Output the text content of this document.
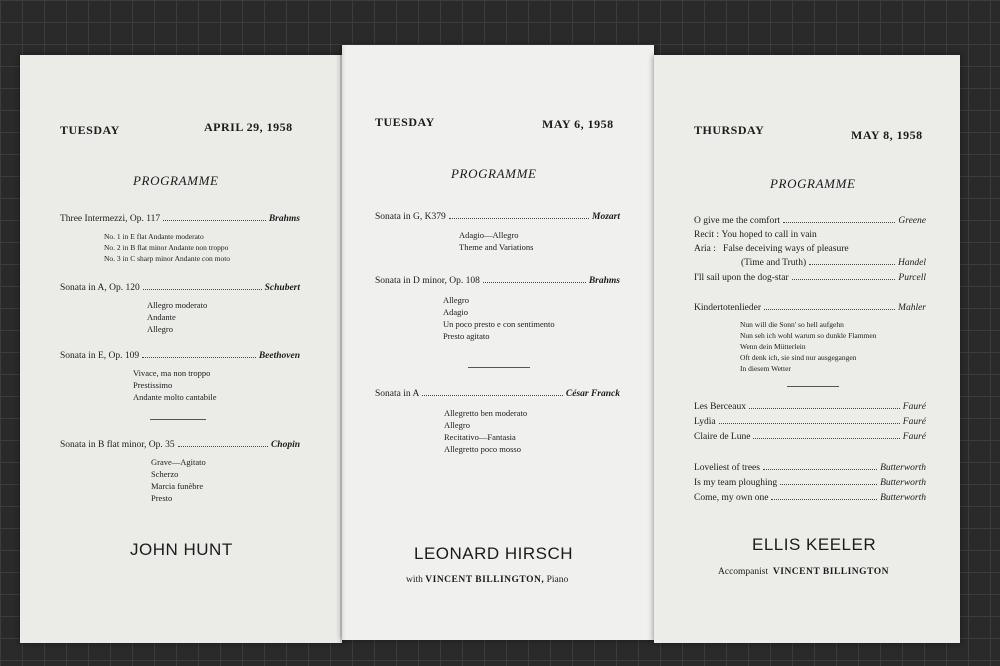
TUESDAY	APRIL 29, 1958
PROGRAMME
Three Intermezzi, Op. 117	Brahms
No. 1 in E flat Andante moderato
No. 2 in B flat minor Andante non troppo
No. 3 in C sharp minor Andante con moto
Sonata in A, Op. 120	Schubert
Allegro moderato
Andante
Allegro
Sonata in E, Op. 109	Beethoven
Vivace, ma non troppo
Prestissimo
Andante molto cantabile
Sonata in B flat minor, Op. 35	Chopin
Grave—Agitato
Scherzo
Marcia funèbre
Presto
JOHN HUNT
TUESDAY	MAY 6, 1958
PROGRAMME
Sonata in G, K379	Mozart
Adagio—Allegro
Theme and Variations
Sonata in D minor, Op. 108	Brahms
Allegro
Adagio
Un poco presto e con sentimento
Presto agitato
Sonata in A	César Franck
Allegretto ben moderato
Allegro
Recitativo—Fantasia
Allegretto poco mosso
LEONARD HIRSCH
with VINCENT BILLINGTON, Piano
THURSDAY	MAY 8, 1958
PROGRAMME
O give me the comfort	Greene
Recit :
You hoped to call in vain
Aria :
False deceiving ways of pleasure
(Time and Truth)	Handel
I'll sail upon the dog-star	Purcell
Kindertotenlieder	Mahler
Nun will die Sonn' so hell aufgehn
Nun seh ich wohl warum so dunkle Flammen
Wenn dein Mütterlein
Oft denk ich, sie sind nur ausgegangen
In diesem Wetter
Les Berceaux	Fauré
Lydia	Fauré
Claire de Lune	Fauré
Loveliest of trees	Butterworth
Is my team ploughing	Butterworth
Come, my own one	Butterworth
ELLIS KEELER
Accompanist VINCENT BILLINGTON
